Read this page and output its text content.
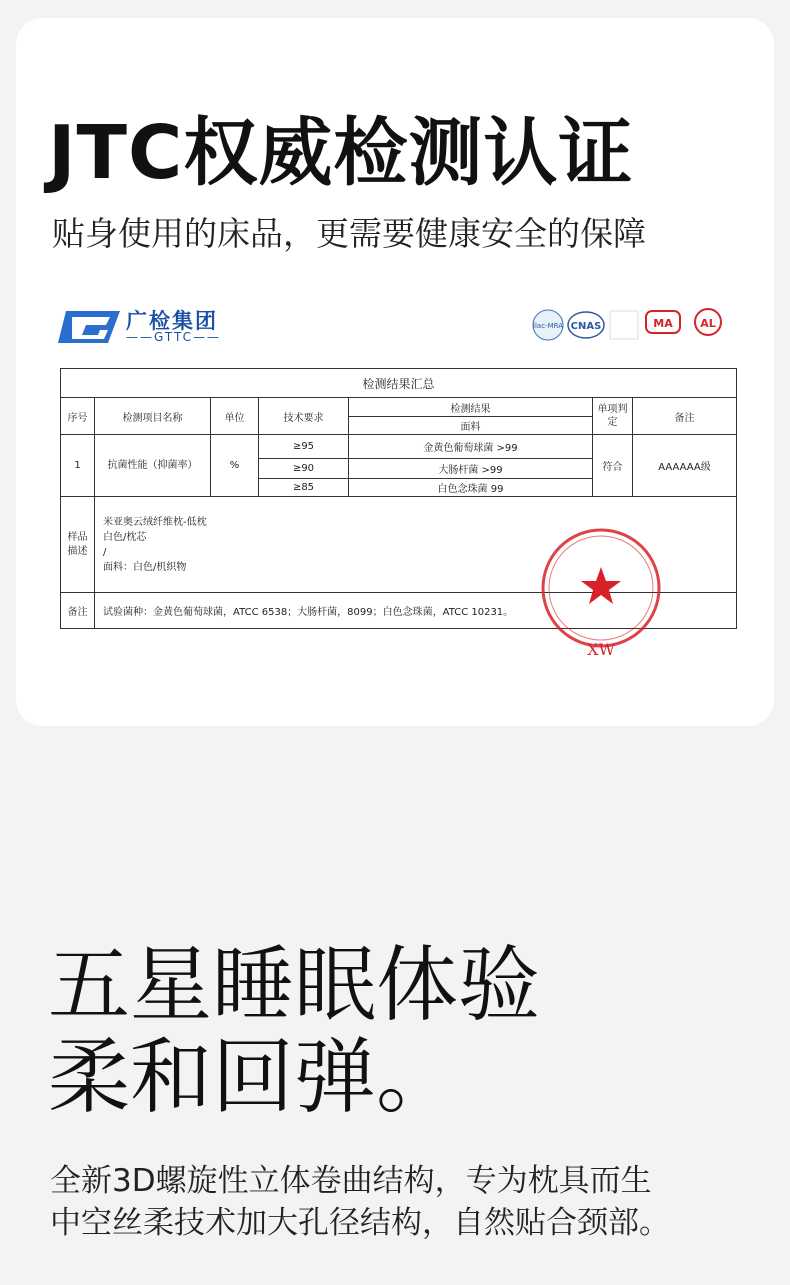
JTC权威检测认证
贴身使用的床品，更需要健康安全的保障
广检集团
——GTTC——
ilac-MRA CNAS	MA	AL
检测结果汇总						
序号	检测项目名称	单位	技术要求	检测结果	单项判定	备注
				面料		
1	抗菌性能（抑菌率）	%	≥95	金黄色葡萄球菌 >99	符合	AAAAAA级
			≥90	大肠杆菌 >99		
			≥85	白色念珠菌 99		
样品描述	米亚奥云绒纤维枕-低枕
白色/枕芯
/
面料：白色/机织物					

备注	试验菌种：金黄色葡萄球菌，ATCC 6538；大肠杆菌，8099；白色念珠菌，ATCC 10231。					
XW
五星睡眠体验
柔和回弹。
全新3D螺旋性立体卷曲结构，专为枕具而生
中空丝柔技术加大孔径结构，自然贴合颈部。
